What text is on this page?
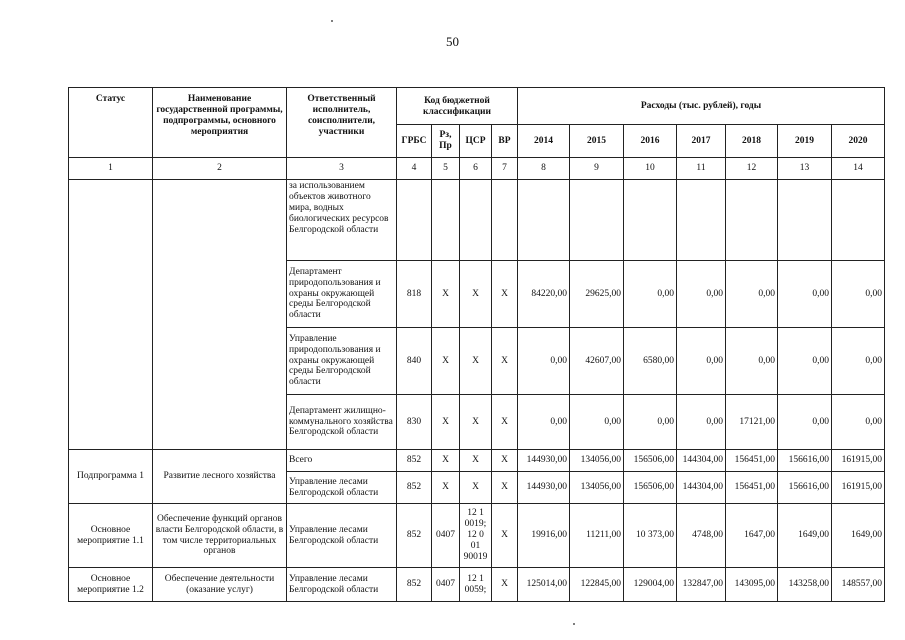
50
Статус	Наименование государственной программы, подпрограммы, основного мероприятия	Ответственный исполнитель, соисполнители, участники	Код бюджетной классификации				Расходы (тыс. рублей), годы						
			ГРБС	Рз, Пр	ЦСР	ВР	2014	2015	2016	2017	2018	2019	2020
1	2	3	4	5	6	7	8	9	10	11	12	13	14
		за использованием объектов животного мира, водных биологических ресурсов Белгородской области											
		Департамент природопользования и охраны окружающей среды Белгородской области	818	X	X	X	84220,00	29625,00	0,00	0,00	0,00	0,00	0,00
		Управление природопользования и охраны окружающей среды Белгородской области	840	X	X	X	0,00	42607,00	6580,00	0,00	0,00	0,00	0,00
		Департамент жилищно-коммунального хозяйства Белгородской области	830	X	X	X	0,00	0,00	0,00	0,00	17121,00	0,00	0,00
Подпрограмма 1	Развитие лесного хозяйства	Всего	852	X	X	X	144930,00	134056,00	156506,00	144304,00	156451,00	156616,00	161915,00
		Управление лесами Белгородской области	852	X	X	X	144930,00	134056,00	156506,00	144304,00	156451,00	156616,00	161915,00
Основное мероприятие 1.1	Обеспечение функций органов власти Белгородской области, в том числе территориальных органов	Управление лесами Белгородской области	852	0407	12 1 0019; 12 0 01 90019	X	19916,00	11211,00	10 373,00	4748,00	1647,00	1649,00	1649,00
Основное мероприятие 1.2	Обеспечение деятельности (оказание услуг)	Управление лесами Белгородской области	852	0407	12 1 0059;	X	125014,00	122845,00	129004,00	132847,00	143095,00	143258,00	148557,00
